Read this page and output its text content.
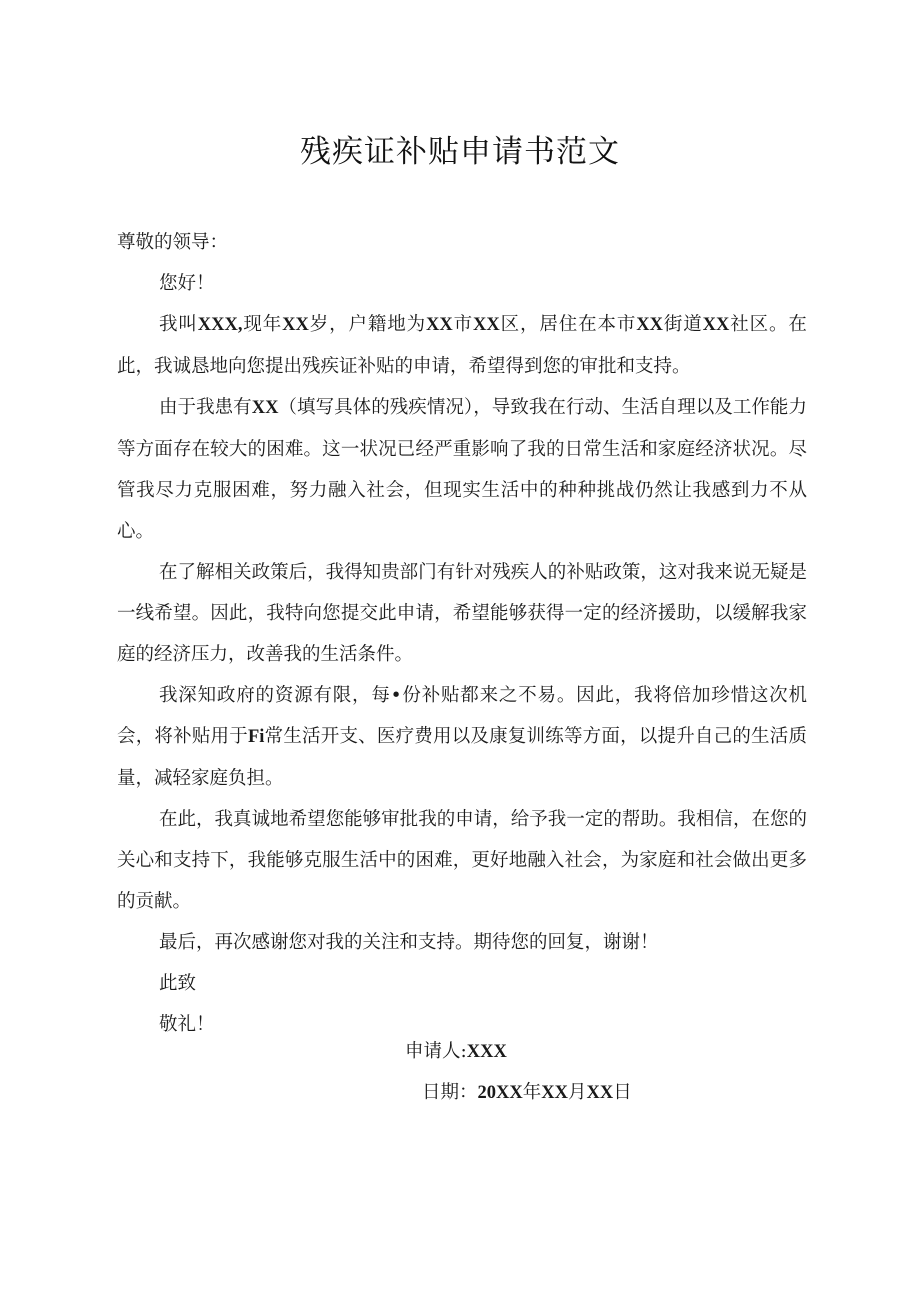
残疾证补贴申请书范文

尊敬的领导：

您好！

我叫XXX,现年XX岁，户籍地为XX市XX区，居住在本市XX街道XX社区。在此，我诚恳地向您提出残疾证补贴的申请，希望得到您的审批和支持。

由于我患有XX（填写具体的残疾情况），导致我在行动、生活自理以及工作能力等方面存在较大的困难。这一状况已经严重影响了我的日常生活和家庭经济状况。尽管我尽力克服困难，努力融入社会，但现实生活中的种种挑战仍然让我感到力不从心。

在了解相关政策后，我得知贵部门有针对残疾人的补贴政策，这对我来说无疑是一线希望。因此，我特向您提交此申请，希望能够获得一定的经济援助，以缓解我家庭的经济压力，改善我的生活条件。

我深知政府的资源有限，每•份补贴都来之不易。因此，我将倍加珍惜这次机会，将补贴用于Fi常生活开支、医疗费用以及康复训练等方面，以提升自己的生活质量，减轻家庭负担。

在此，我真诚地希望您能够审批我的申请，给予我一定的帮助。我相信，在您的关心和支持下，我能够克服生活中的困难，更好地融入社会，为家庭和社会做出更多的贡献。

最后，再次感谢您对我的关注和支持。期待您的回复，谢谢！

此致

敬礼！

申请人:XXX
日期：20XX年XX月XX日
